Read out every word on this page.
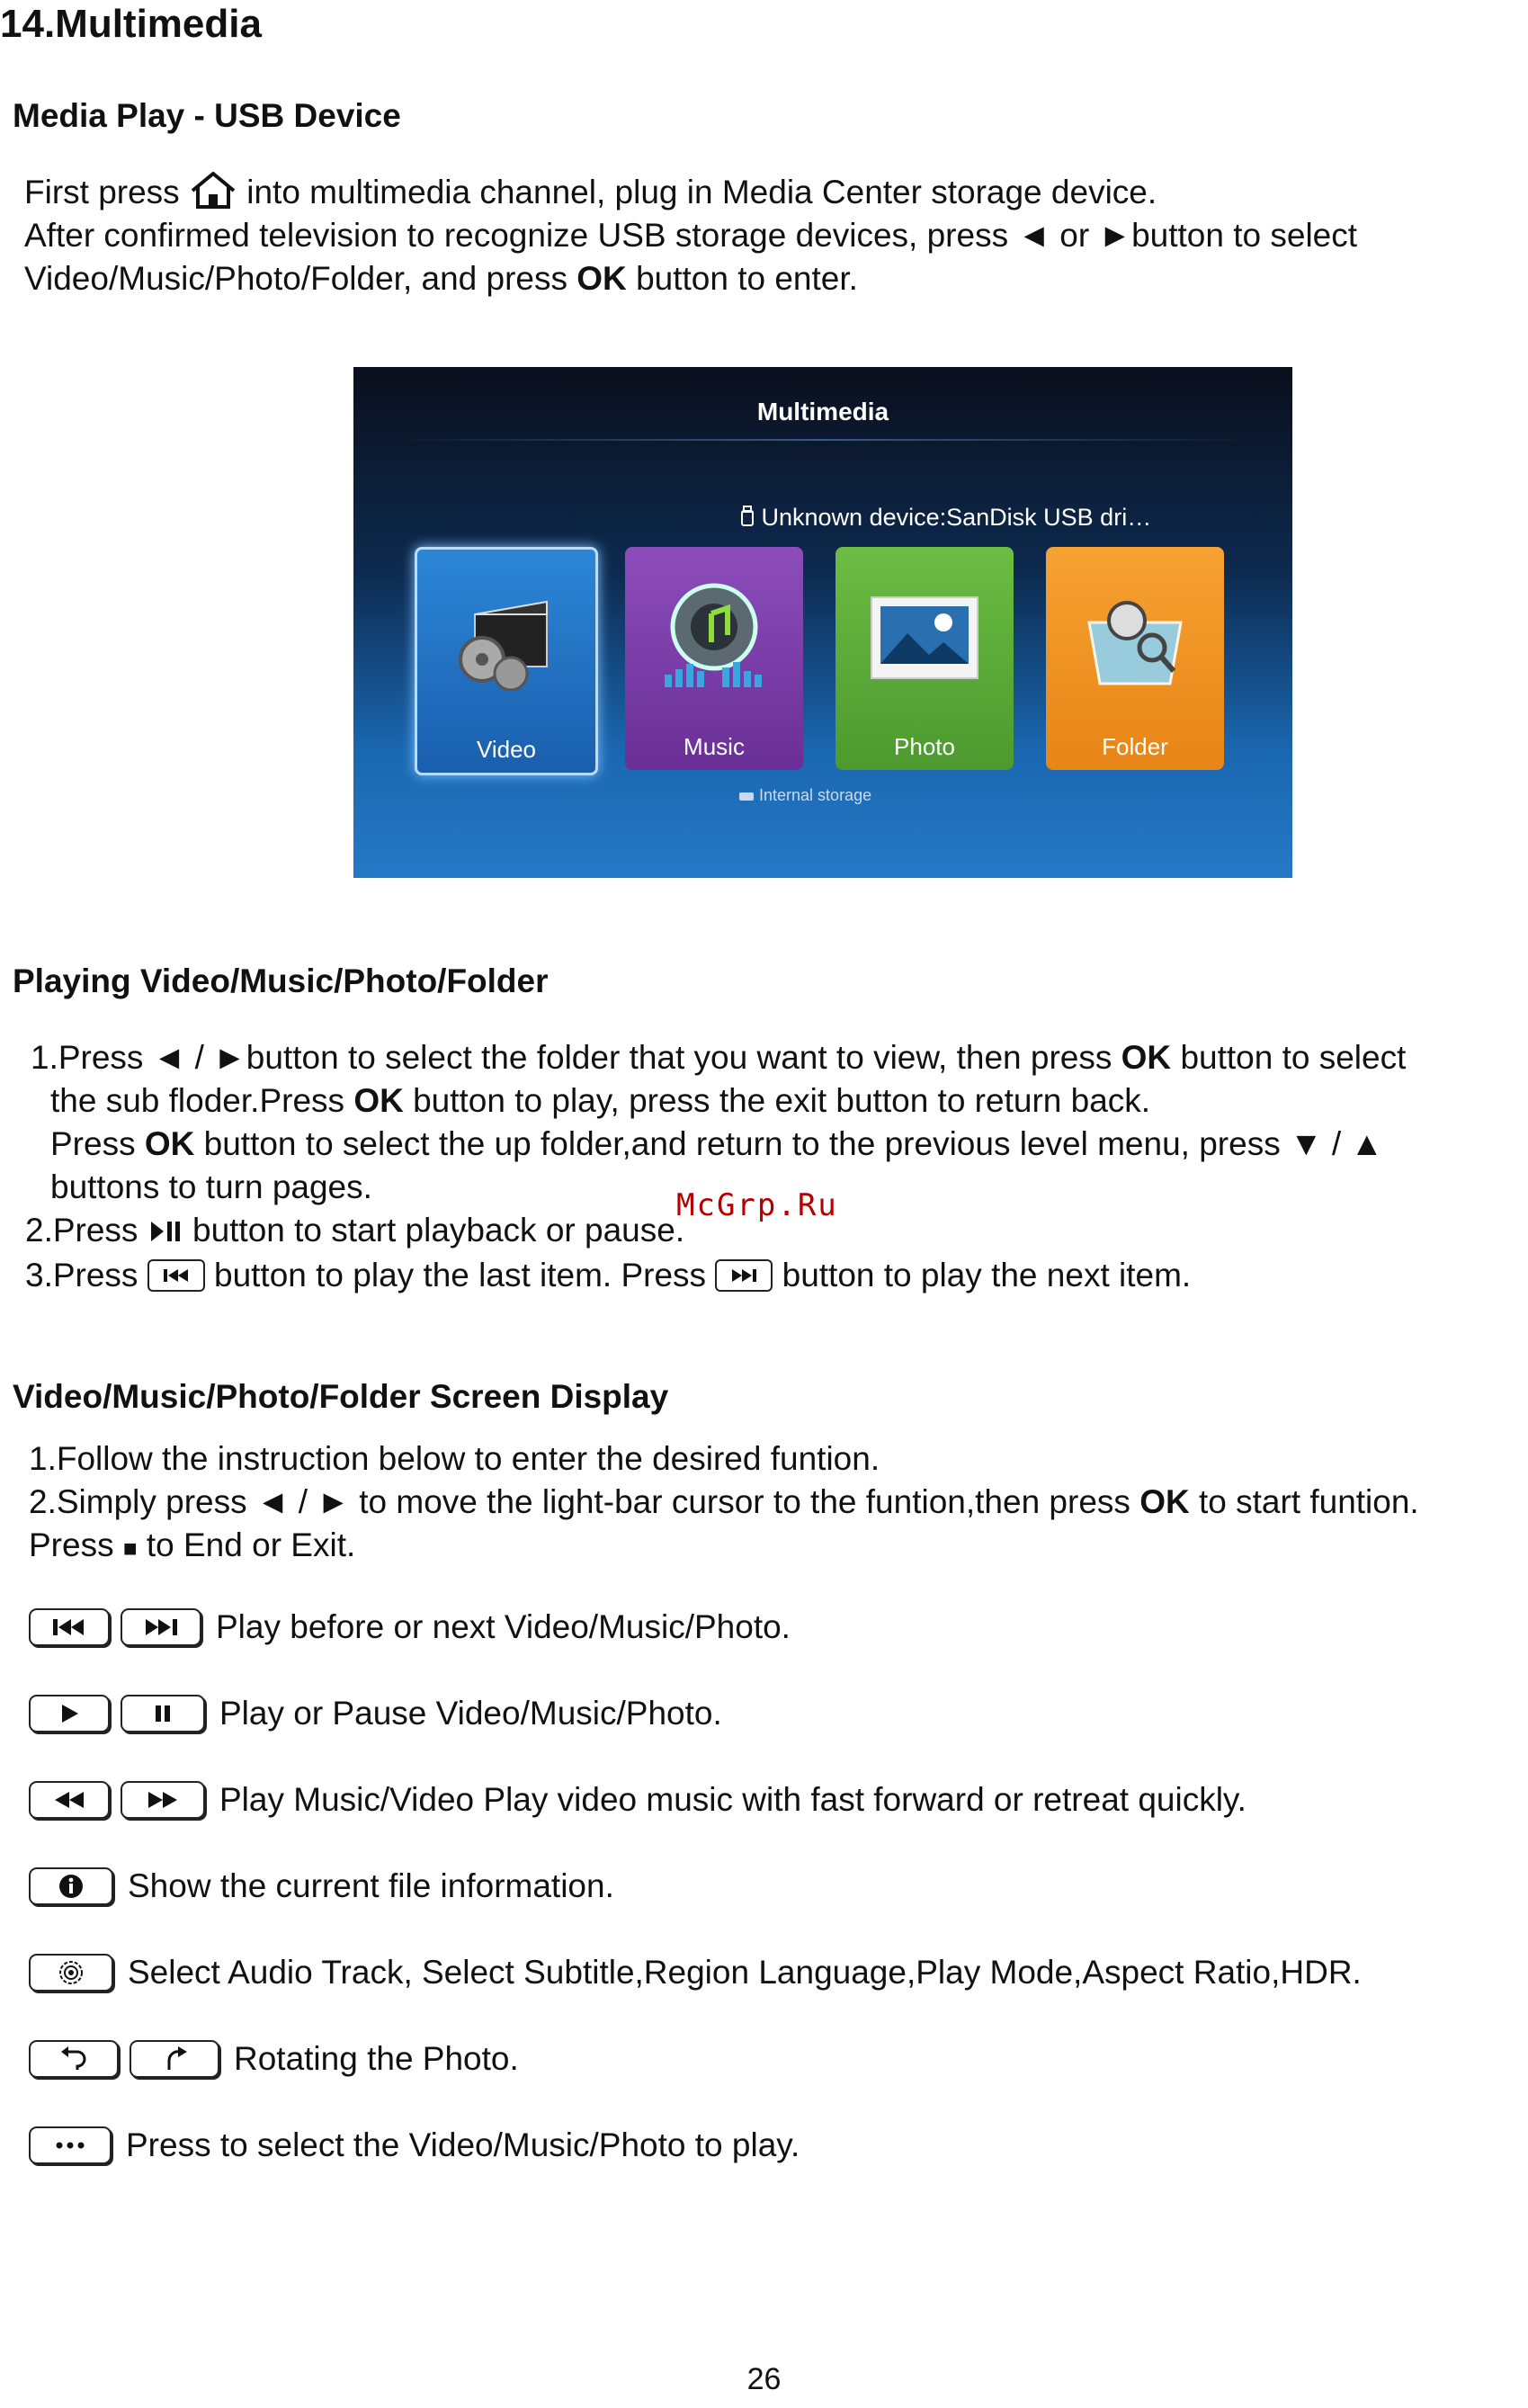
14.Multimedia
Media Play - USB Device
First press into multimedia channel, plug in Media Center storage device.
After confirmed television to recognize USB storage devices, press ◄ or ►button to select
Video/Music/Photo/Folder, and press OK button to enter.
Multimedia
Unknown device:SanDisk USB dri…
Video	Music	Photo	Folder
Internal storage
Playing Video/Music/Photo/Folder
1.Press ◄ / ►button to select the folder that you want to view, then press OK button to select
the sub floder.Press OK button to play, press the exit button to return back.
Press OK button to select the up folder,and return to the previous level menu, press ▼ / ▲
buttons to turn pages.
2.Press button to start playback or pause.
3.Press button to play the last item. Press button to play the next item.
McGrp.Ru
Video/Music/Photo/Folder Screen Display
1.Follow the instruction below to enter the desired funtion.
2.Simply press ◄ / ► to move the light-bar cursor to the funtion,then press OK to start funtion.
Press ■ to End or Exit.
Play before or next Video/Music/Photo.
Play or Pause Video/Music/Photo.
Play Music/Video Play video music with fast forward or retreat quickly.
Show the current file information.
Select Audio Track, Select Subtitle,Region Language,Play Mode,Aspect Ratio,HDR.
Rotating the Photo.
Press to select the Video/Music/Photo to play.
26
